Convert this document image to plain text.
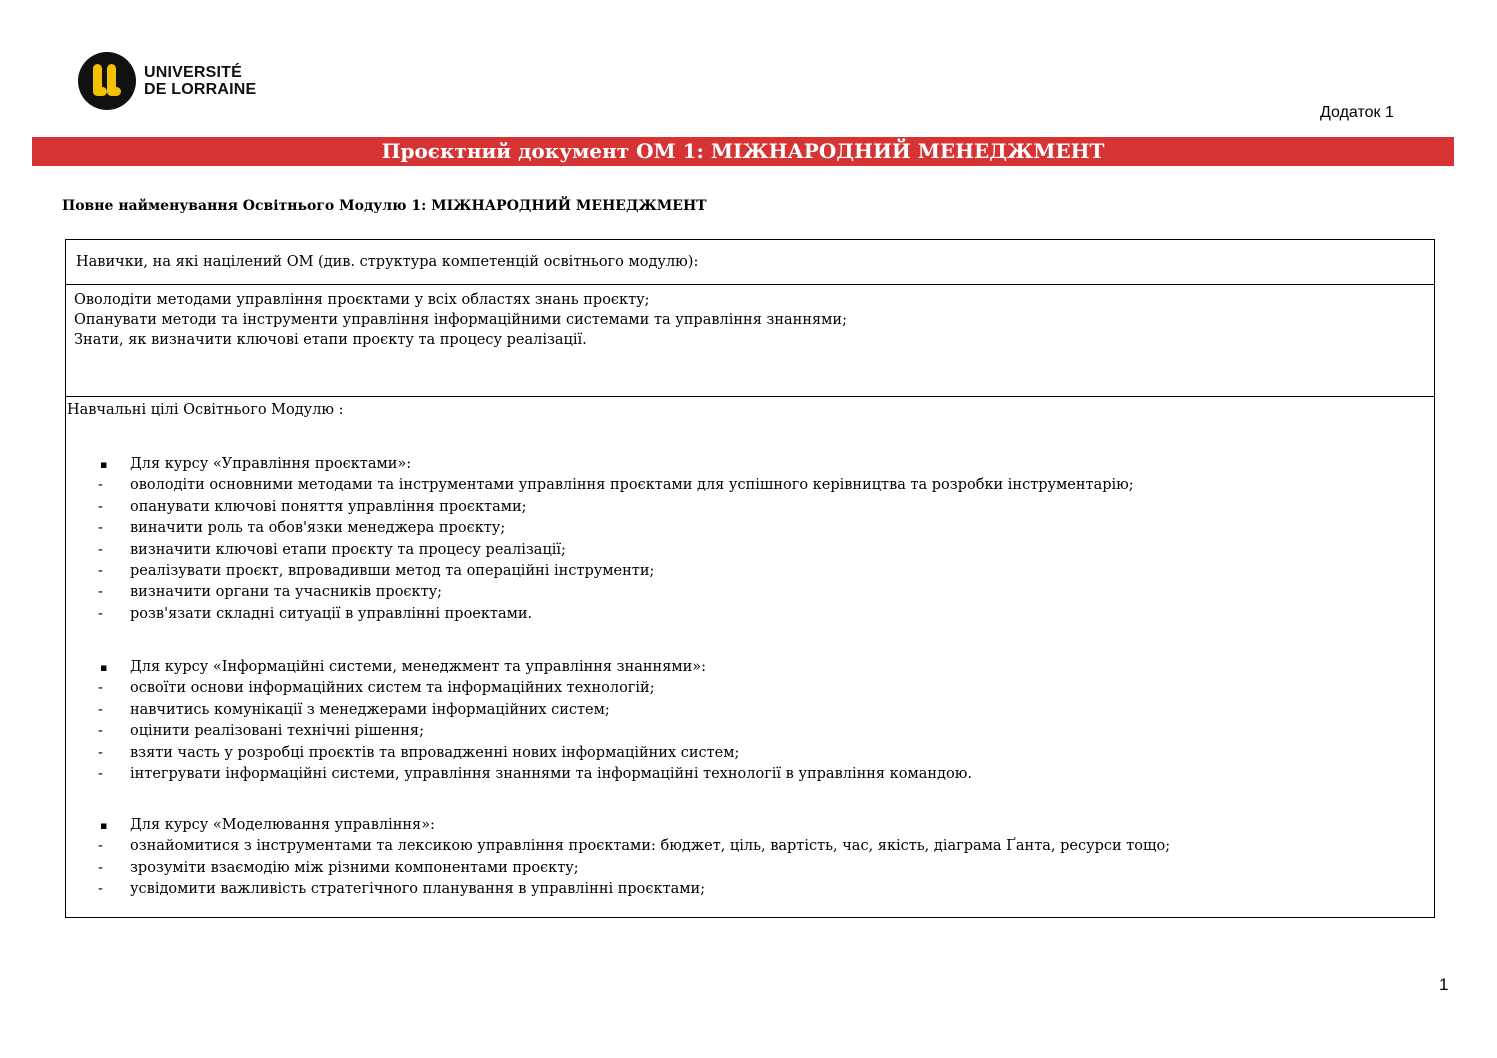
UNIVERSITÉ
DE LORRAINE
Додаток 1
Проєктний документ ОМ 1: МІЖНАРОДНИЙ МЕНЕДЖМЕНТ
Повне найменування Освітнього Модулю 1: МІЖНАРОДНИЙ МЕНЕДЖМЕНТ
Навички, на які націлений ОМ (див. структура компетенцій освітнього модулю):
Оволодіти методами управління проєктами у всіх областях знань проєкту;
Опанувати методи та інструменти управління інформаційними системами та управління знаннями;
Знати, як визначити ключові етапи проєкту та процесу реалізації.
Навчальні цілі Освітнього Модулю :
▪ Для курсу «Управління проєктами»:
- оволодіти основними методами та інструментами управління проєктами для успішного керівництва та розробки інструментарію;
- опанувати ключові поняття управління проєктами;
- виначити роль та обов'язки менеджера проєкту;
- визначити ключові етапи проєкту та процесу реалізації;
- реалізувати проєкт, впровадивши метод та операційні інструменти;
- визначити органи та учасників проєкту;
- розв'язати складні ситуації в управлінні проектами.
▪ Для курсу «Інформаційні системи, менеджмент та управління знаннями»:
- освоїти основи інформаційних систем та інформаційних технологій;
- навчитись комунікації з менеджерами інформаційних систем;
- оцінити реалізовані технічні рішення;
- взяти часть у розробці проєктів та впровадженні нових інформаційних систем;
- інтегрувати інформаційні системи, управління знаннями та інформаційні технології в управління командою.
▪ Для курсу «Моделювання управління»:
- ознайомитися з інструментами та лексикою управління проєктами: бюджет, ціль, вартість, час, якість, діаграма Ґанта, ресурси тощо;
- зрозуміти взаємодію між різними компонентами проєкту;
- усвідомити важливість стратегічного планування в управлінні проєктами;
1
